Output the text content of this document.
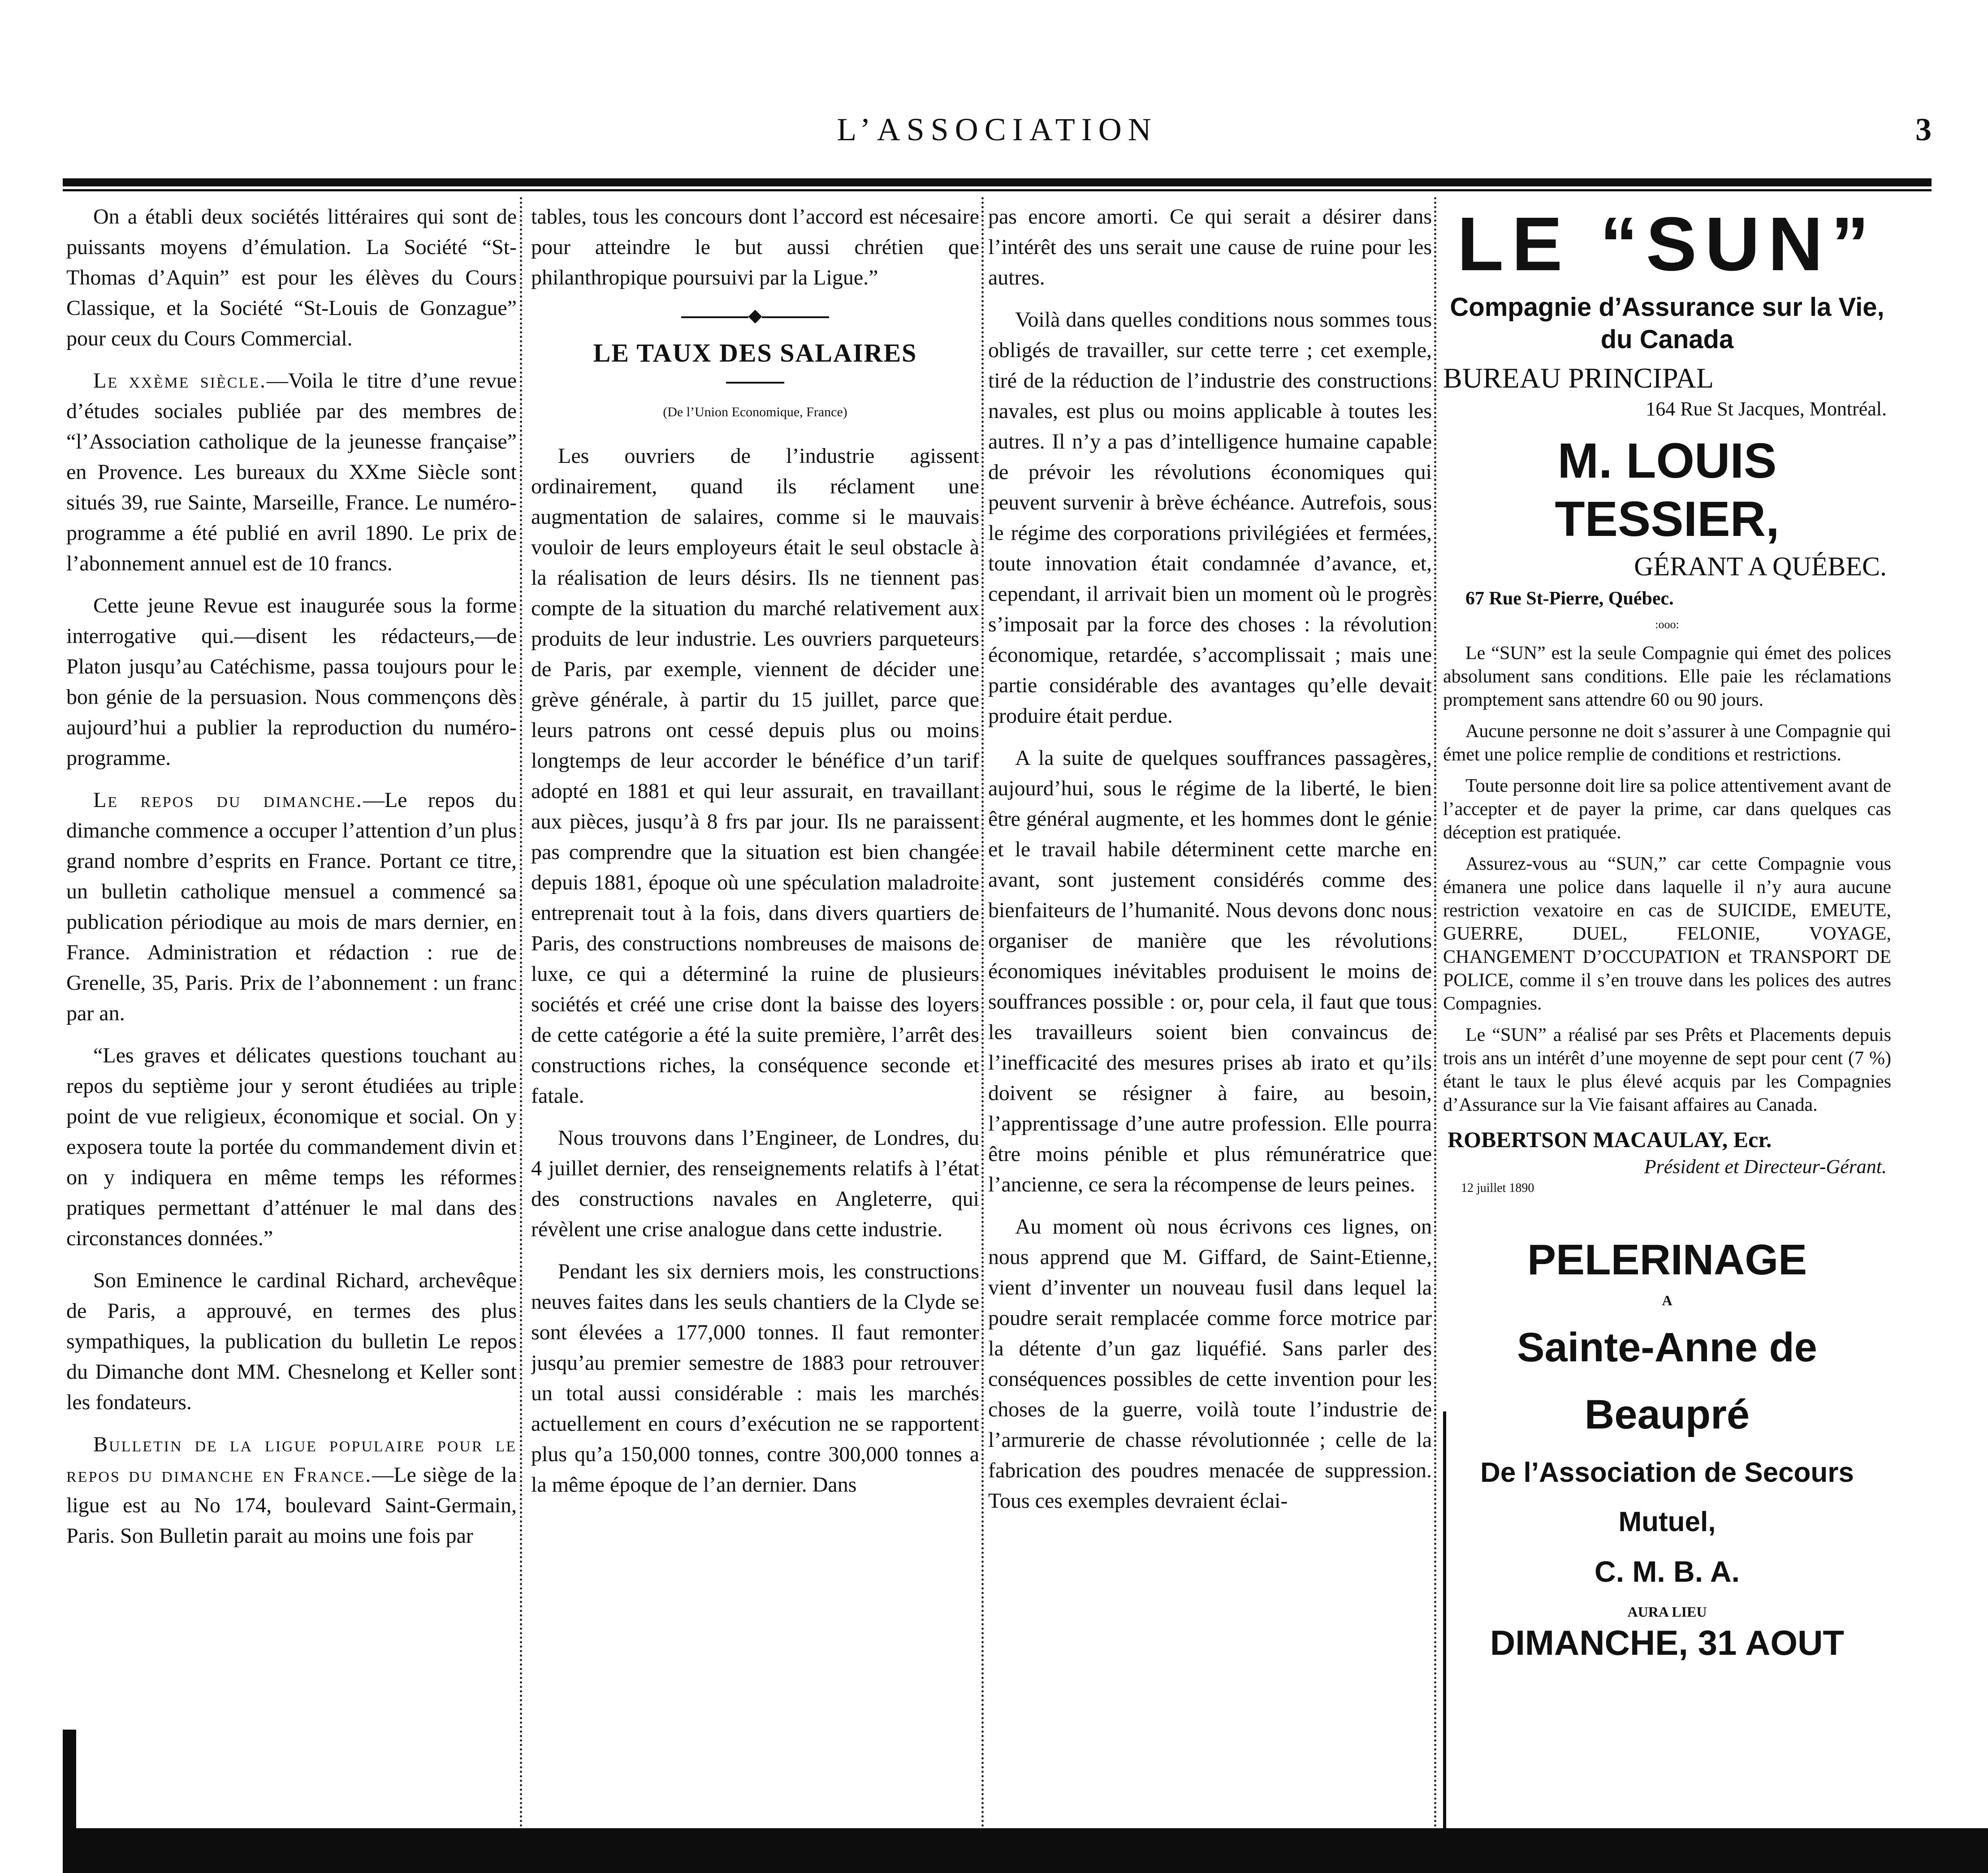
L’ASSOCIATIOΝ	3

On a établi deux sociétés littéraires qui sont de puissants moyens d’émulation. La Société “St-Thomas d’Aquin” est pour les élèves du Cours Classique, et la Société “St-Louis de Gonzague” pour ceux du Cours Commercial.

Le xxème siècle.—Voila le titre d’une revue d’études sociales publiée par des membres de “l’Association catholique de la jeunesse française” en Provence. Les bureaux du XXme Siècle sont situés 39, rue Sainte, Marseille, France. Le numéro-programme a été publié en avril 1890. Le prix de l’abonnement annuel est de 10 francs.

Cette jeune Revue est inaugurée sous la forme interrogative qui.—disent les rédacteurs,—de Platon jusqu’au Catéchisme, passa toujours pour le bon génie de la persuasion. Nous commençons dès aujourd’hui a publier la reproduction du numéro-programme.

Le repos du dimanche.—Le repos du dimanche commence a occuper l’attention d’un plus grand nombre d’esprits en France. Portant ce titre, un bulletin catholique mensuel a commencé sa publication périodique au mois de mars dernier, en France. Administration et rédaction : rue de Grenelle, 35, Paris. Prix de l’abonnement : un franc par an.

“Les graves et délicates questions touchant au repos du septième jour y seront étudiées au triple point de vue religieux, économique et social. On y exposera toute la portée du commandement divin et on y indiquera en même temps les réformes pratiques permettant d’atténuer le mal dans des circonstances données.”

Son Eminence le cardinal Richard, archevêque de Paris, a approuvé, en termes des plus sympathiques, la publication du bulletin Le repos du Dimanche dont MM. Chesnelong et Keller sont les fondateurs.

Bulletin de la ligue populaire pour le repos du dimanche en France.—Le siège de la ligue est au No 174, boulevard Saint-Germain, Paris. Son Bulletin parait au moins une fois par

tables, tous les concours dont l’accord est nécesaire pour atteindre le but aussi chrétien que philanthropique poursuivi par la Ligue.”

◆
LE TAUX DES SALAIRES
(De l’Union Economique, France)

Les ouvriers de l’industrie agissent ordinairement, quand ils réclament une augmentation de salaires, comme si le mauvais vouloir de leurs employeurs était le seul obstacle à la réalisation de leurs désirs. Ils ne tiennent pas compte de la situation du marché relativement aux produits de leur industrie. Les ouvriers parqueteurs de Paris, par exemple, viennent de décider une grève générale, à partir du 15 juillet, parce que leurs patrons ont cessé depuis plus ou moins longtemps de leur accorder le bénéfice d’un tarif adopté en 1881 et qui leur assurait, en travaillant aux pièces, jusqu’à 8 frs par jour. Ils ne paraissent pas comprendre que la situation est bien changée depuis 1881, époque où une spéculation maladroite entreprenait tout à la fois, dans divers quartiers de Paris, des constructions nombreuses de maisons de luxe, ce qui a déterminé la ruine de plusieurs sociétés et créé une crise dont la baisse des loyers de cette catégorie a été la suite première, l’arrêt des constructions riches, la conséquence seconde et fatale.

Nous trouvons dans l’Engineer, de Londres, du 4 juillet dernier, des renseignements relatifs à l’état des constructions navales en Angleterre, qui révèlent une crise analogue dans cette industrie.

Pendant les six derniers mois, les constructions neuves faites dans les seuls chantiers de la Clyde se sont élevées a 177,000 tonnes. Il faut remonter jusqu’au premier semestre de 1883 pour retrouver un total aussi considérable : mais les marchés actuellement en cours d’exécution ne se rapportent plus qu’a 150,000 tonnes, contre 300,000 tonnes a la même époque de l’an dernier. Dans

pas encore amorti. Ce qui serait a désirer dans l’intérêt des uns serait une cause de ruine pour les autres.

Voilà dans quelles conditions nous sommes tous obligés de travailler, sur cette terre ; cet exemple, tiré de la réduction de l’industrie des constructions navales, est plus ou moins applicable à toutes les autres. Il n’y a pas d’intelligence humaine capable de prévoir les révolutions économiques qui peuvent survenir à brève échéance. Autrefois, sous le régime des corporations privilégiées et fermées, toute innovation était condamnée d’avance, et, cependant, il arrivait bien un moment où le progrès s’imposait par la force des choses : la révolution économique, retardée, s’accomplissait ; mais une partie considérable des avantages qu’elle devait produire était perdue.

A la suite de quelques souffrances passagères, aujourd’hui, sous le régime de la liberté, le bien être général augmente, et les hommes dont le génie et le travail habile déterminent cette marche en avant, sont justement considérés comme des bienfaiteurs de l’humanité. Nous devons donc nous organiser de manière que les révolutions économiques inévitables produisent le moins de souffrances possible : or, pour cela, il faut que tous les travailleurs soient bien convaincus de l’inefficacité des mesures prises ab irato et qu’ils doivent se résigner à faire, au besoin, l’apprentissage d’une autre profession. Elle pourra être moins pénible et plus rémunératrice que l’ancienne, ce sera la récompense de leurs peines.

Au moment où nous écrivons ces lignes, on nous apprend que M. Giffard, de Saint-Etienne, vient d’inventer un nouveau fusil dans lequel la poudre serait remplacée comme force motrice par la détente d’un gaz liquéfié. Sans parler des conséquences possibles de cette invention pour les choses de la guerre, voilà toute l’industrie de l’armurerie de chasse révolutionnée ; celle de la fabrication des poudres menacée de suppression. Tous ces exemples devraient éclai-

LE “SUN”
Compagnie d’Assurance sur la Vie,
du Canada
BUREAU PRINCIPAL
164 Rue St Jacques, Montréal.
M. LOUIS TESSIER,
GÉRANT A QUÉBEC.
67 Rue St-Pierre, Québec.
:ooo:

Le “SUN” est la seule Compagnie qui émet des polices absolument sans conditions. Elle paie les réclamations promptement sans attendre 60 ou 90 jours.

Aucune personne ne doit s’assurer à une Compagnie qui émet une police remplie de conditions et restrictions.

Toute personne doit lire sa police attentivement avant de l’accepter et de payer la prime, car dans quelques cas déception est pratiquée.

Assurez-vous au “SUN,” car cette Compagnie vous émanera une police dans laquelle il n’y aura aucune restriction vexatoire en cas de SUICIDE, EMEUTE, GUERRE, DUEL, FELONIE, VOYAGE, CHANGEMENT D’OCCUPATION et TRANSPORT DE POLICE, comme il s’en trouve dans les polices des autres Compagnies.

Le “SUN” a réalisé par ses Prêts et Placements depuis trois ans un intérêt d’une moyenne de sept pour cent (7 %) étant le taux le plus élevé acquis par les Compagnies d’Assurance sur la Vie faisant affaires au Canada.

ROBERTSON MACAULAY, Ecr.
Président et Directeur-Gérant.
12 juillet 1890
PELERINAGE
A
Sainte-Anne de Beaupré
De l’Association de Secours Mutuel,
C. M. B. A.
AURA LIEU
DIMANCHE, 31 AOUT
